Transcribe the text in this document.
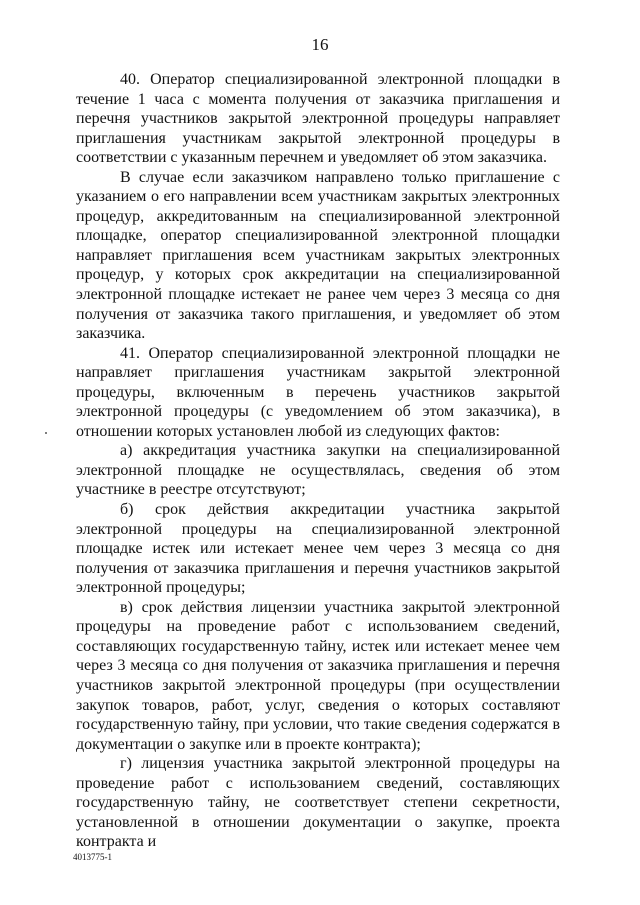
16

40. Оператор специализированной электронной площадки в течение 1 часа с момента получения от заказчика приглашения и перечня участников закрытой электронной процедуры направляет приглашения участникам закрытой электронной процедуры в соответствии с указанным перечнем и уведомляет об этом заказчика.

В случае если заказчиком направлено только приглашение с указанием о его направлении всем участникам закрытых электронных процедур, аккредитованным на специализированной электронной площадке, оператор специализированной электронной площадки направляет приглашения всем участникам закрытых электронных процедур, у которых срок аккредитации на специализированной электронной площадке истекает не ранее чем через 3 месяца со дня получения от заказчика такого приглашения, и уведомляет об этом заказчика.

41. Оператор специализированной электронной площадки не направляет приглашения участникам закрытой электронной процедуры, включенным в перечень участников закрытой электронной процедуры (с уведомлением об этом заказчика), в отношении которых установлен любой из следующих фактов:

а) аккредитация участника закупки на специализированной электронной площадке не осуществлялась, сведения об этом участнике в реестре отсутствуют;

б) срок действия аккредитации участника закрытой электронной процедуры на специализированной электронной площадке истек или истекает менее чем через 3 месяца со дня получения от заказчика приглашения и перечня участников закрытой электронной процедуры;

в) срок действия лицензии участника закрытой электронной процедуры на проведение работ с использованием сведений, составляющих государственную тайну, истек или истекает менее чем через 3 месяца со дня получения от заказчика приглашения и перечня участников закрытой электронной процедуры (при осуществлении закупок товаров, работ, услуг, сведения о которых составляют государственную тайну, при условии, что такие сведения содержатся в документации о закупке или в проекте контракта);

г) лицензия участника закрытой электронной процедуры на проведение работ с использованием сведений, составляющих государственную тайну, не соответствует степени секретности, установленной в отношении документации о закупке, проекта контракта и

4013775-1
